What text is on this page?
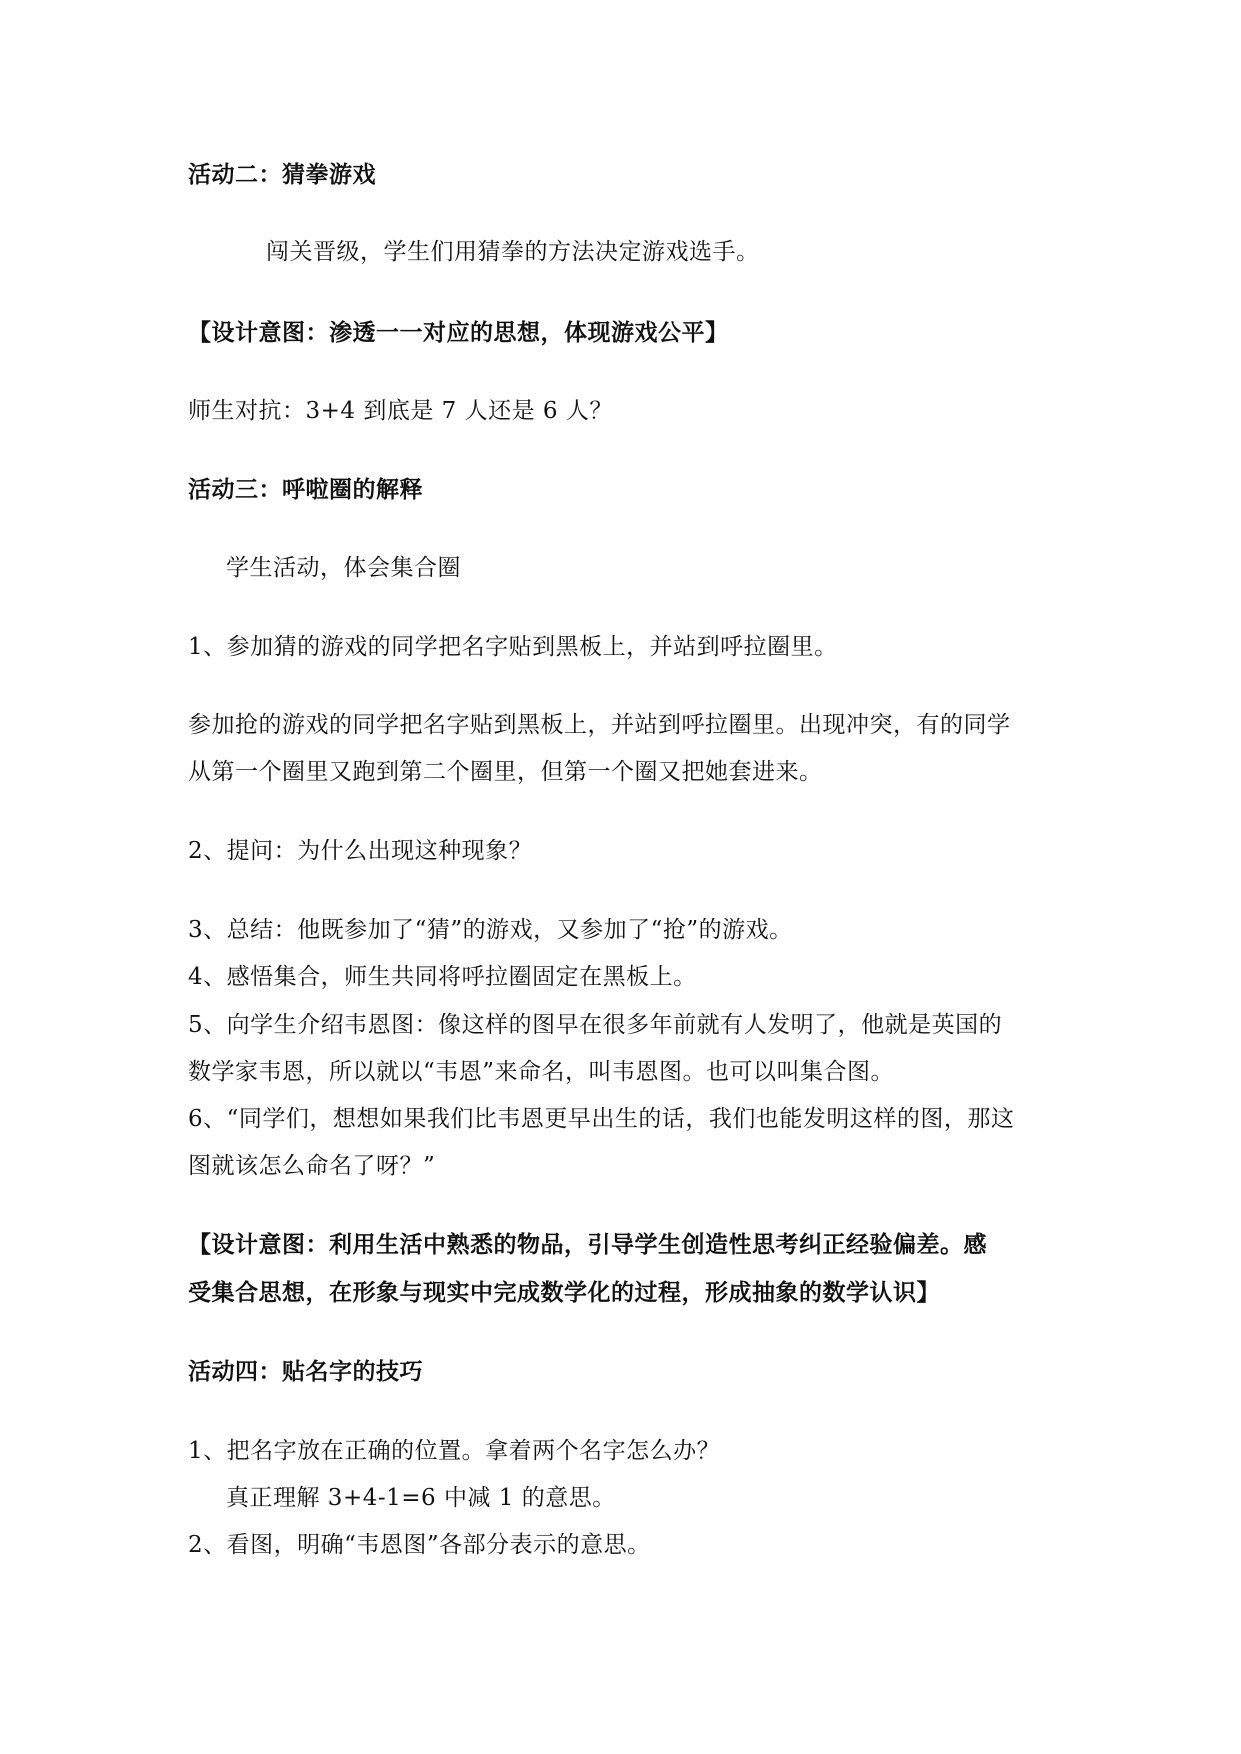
活动二：猜拳游戏
闯关晋级，学生们用猜拳的方法决定游戏选手。
【设计意图：渗透一一对应的思想，体现游戏公平】
师生对抗：3+4 到底是 7 人还是 6 人？
活动三：呼啦圈的解释
学生活动，体会集合圈
1、参加猜的游戏的同学把名字贴到黑板上，并站到呼拉圈里。
参加抢的游戏的同学把名字贴到黑板上，并站到呼拉圈里。出现冲突，有的同学
从第一个圈里又跑到第二个圈里，但第一个圈又把她套进来。
2、提问：为什么出现这种现象？
3、总结：他既参加了“猜”的游戏，又参加了“抢”的游戏。
4、感悟集合，师生共同将呼拉圈固定在黑板上。
5、向学生介绍韦恩图：像这样的图早在很多年前就有人发明了，他就是英国的
数学家韦恩，所以就以“韦恩”来命名，叫韦恩图。也可以叫集合图。
6、“同学们，想想如果我们比韦恩更早出生的话，我们也能发明这样的图，那这
图就该怎么命名了呀？”
【设计意图：利用生活中熟悉的物品，引导学生创造性思考纠正经验偏差。感
受集合思想，在形象与现实中完成数学化的过程，形成抽象的数学认识】
活动四：贴名字的技巧
1、把名字放在正确的位置。拿着两个名字怎么办？
真正理解 3+4-1=6 中减 1 的意思。
2、看图，明确“韦恩图”各部分表示的意思。
